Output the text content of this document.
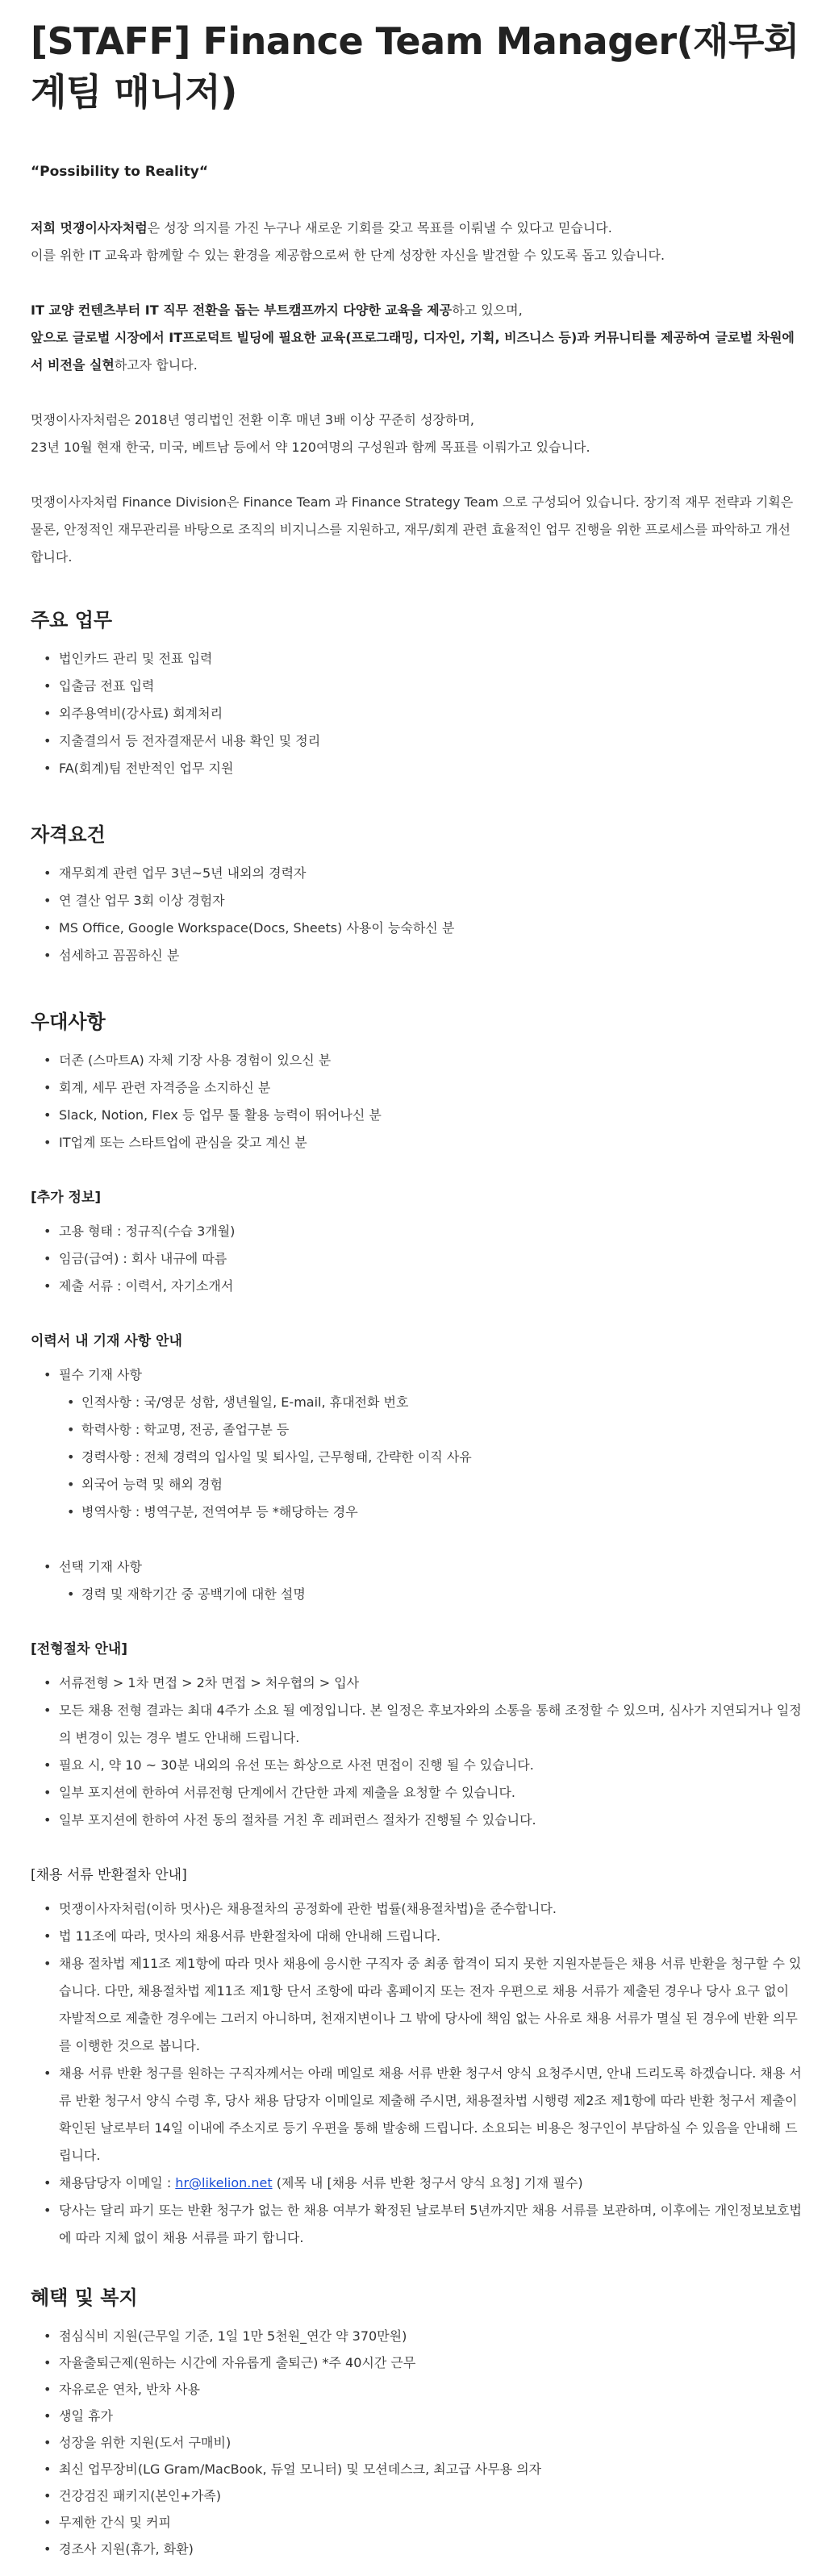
[STAFF] Finance Team Manager(재무회계팀 매니저)
“Possibility to Reality“

저희 멋쟁이사자처럼은 성장 의지를 가진 누구나 새로운 기회를 갖고 목표를 이뤄낼 수 있다고 믿습니다.
이를 위한 IT 교육과 함께할 수 있는 환경을 제공함으로써 한 단계 성장한 자신을 발견할 수 있도록 돕고 있습니다.

IT 교양 컨텐츠부터 IT 직무 전환을 돕는 부트캠프까지 다양한 교육을 제공하고 있으며,
앞으로 글로벌 시장에서 IT프로덕트 빌딩에 필요한 교육(프로그래밍, 디자인, 기획, 비즈니스 등)과 커뮤니티를 제공하여 글로벌 차원에서 비전을 실현하고자 합니다.

멋쟁이사자처럼은 2018년 영리법인 전환 이후 매년 3배 이상 꾸준히 성장하며,
23년 10월 현재 한국, 미국, 베트남 등에서 약 120여명의 구성원과 함께 목표를 이뤄가고 있습니다.

멋쟁이사자처럼 Finance Division은 Finance Team 과 Finance Strategy Team 으로 구성되어 있습니다. 장기적 재무 전략과 기획은 물론, 안정적인 재무관리를 바탕으로 조직의 비지니스를 지원하고, 재무/회계 관련 효율적인 업무 진행을 위한 프로세스를 파악하고 개선합니다.

주요 업무
• 법인카드 관리 및 전표 입력
• 입출금 전표 입력
• 외주용역비(강사료) 회계처리
• 지출결의서 등 전자결재문서 내용 확인 및 정리
• FA(회계)팀 전반적인 업무 지원
자격요건
• 재무회계 관련 업무 3년~5년 내외의 경력자
• 연 결산 업무 3회 이상 경험자
• MS Office, Google Workspace(Docs, Sheets) 사용이 능숙하신 분
• 섬세하고 꼼꼼하신 분
우대사항
• 더존 (스마트A) 자체 기장 사용 경험이 있으신 분
• 회계, 세무 관련 자격증을 소지하신 분
• Slack, Notion, Flex 등 업무 툴 활용 능력이 뛰어나신 분
• IT업계 또는 스타트업에 관심을 갖고 계신 분
[추가 정보]
• 고용 형태 : 정규직(수습 3개월)
• 임금(급여) : 회사 내규에 따름
• 제출 서류 : 이력서, 자기소개서
이력서 내 기재 사항 안내
• 필수 기재 사항
• 인적사항 : 국/영문 성함, 생년월일, E-mail, 휴대전화 번호
• 학력사항 : 학교명, 전공, 졸업구분 등
• 경력사항 : 전체 경력의 입사일 및 퇴사일, 근무형태, 간략한 이직 사유
• 외국어 능력 및 해외 경험
• 병역사항 : 병역구분, 전역여부 등 *해당하는 경우
• 선택 기재 사항
• 경력 및 재학기간 중 공백기에 대한 설명
[전형절차 안내]
• 서류전형 > 1차 면접 > 2차 면접 > 처우협의 > 입사
• 모든 채용 전형 결과는 최대 4주가 소요 될 예정입니다. 본 일정은 후보자와의 소통을 통해 조정할 수 있으며, 심사가 지연되거나 일정의 변경이 있는 경우 별도 안내해 드립니다.
• 필요 시, 약 10 ~ 30분 내외의 유선 또는 화상으로 사전 면접이 진행 될 수 있습니다.
• 일부 포지션에 한하여 서류전형 단계에서 간단한 과제 제출을 요청할 수 있습니다.
• 일부 포지션에 한하여 사전 동의 절차를 거친 후 레퍼런스 절차가 진행될 수 있습니다.
[채용 서류 반환절차 안내]
• 멋쟁이사자처럼(이하 멋사)은 채용절차의 공정화에 관한 법률(채용절차법)을 준수합니다.
• 법 11조에 따라, 멋사의 채용서류 반환절차에 대해 안내해 드립니다.
• 채용 절차법 제11조 제1항에 따라 멋사 채용에 응시한 구직자 중 최종 합격이 되지 못한 지원자분들은 채용 서류 반환을 청구할 수 있습니다. 다만, 채용절차법 제11조 제1항 단서 조항에 따라 홈페이지 또는 전자 우편으로 채용 서류가 제출된 경우나 당사 요구 없이 자발적으로 제출한 경우에는 그러지 아니하며, 천재지변이나 그 밖에 당사에 책임 없는 사유로 채용 서류가 멸실 된 경우에 반환 의무를 이행한 것으로 봅니다.
• 채용 서류 반환 청구를 원하는 구직자께서는 아래 메일로 채용 서류 반환 청구서 양식 요청주시면, 안내 드리도록 하겠습니다. 채용 서류 반환 청구서 양식 수령 후, 당사 채용 담당자 이메일로 제출해 주시면, 채용절차법 시행령 제2조 제1항에 따라 반환 청구서 제출이 확인된 날로부터 14일 이내에 주소지로 등기 우편을 통해 발송해 드립니다. 소요되는 비용은 청구인이 부담하실 수 있음을 안내해 드립니다.
• 채용담당자 이메일 : hr@likelion.net (제목 내 [채용 서류 반환 청구서 양식 요청] 기재 필수)
• 당사는 달리 파기 또는 반환 청구가 없는 한 채용 여부가 확정된 날로부터 5년까지만 채용 서류를 보관하며, 이후에는 개인정보보호법에 따라 지체 없이 채용 서류를 파기 합니다.
혜택 및 복지
• 점심식비 지원(근무일 기준, 1일 1만 5천원_연간 약 370만원)
• 자율출퇴근제(원하는 시간에 자유롭게 출퇴근) *주 40시간 근무
• 자유로운 연차, 반차 사용
• 생일 휴가
• 성장을 위한 지원(도서 구매비)
• 최신 업무장비(LG Gram/MacBook, 듀얼 모니터) 및 모션데스크, 최고급 사무용 의자
• 건강검진 패키지(본인+가족)
• 무제한 간식 및 커피
• 경조사 지원(휴가, 화환)
